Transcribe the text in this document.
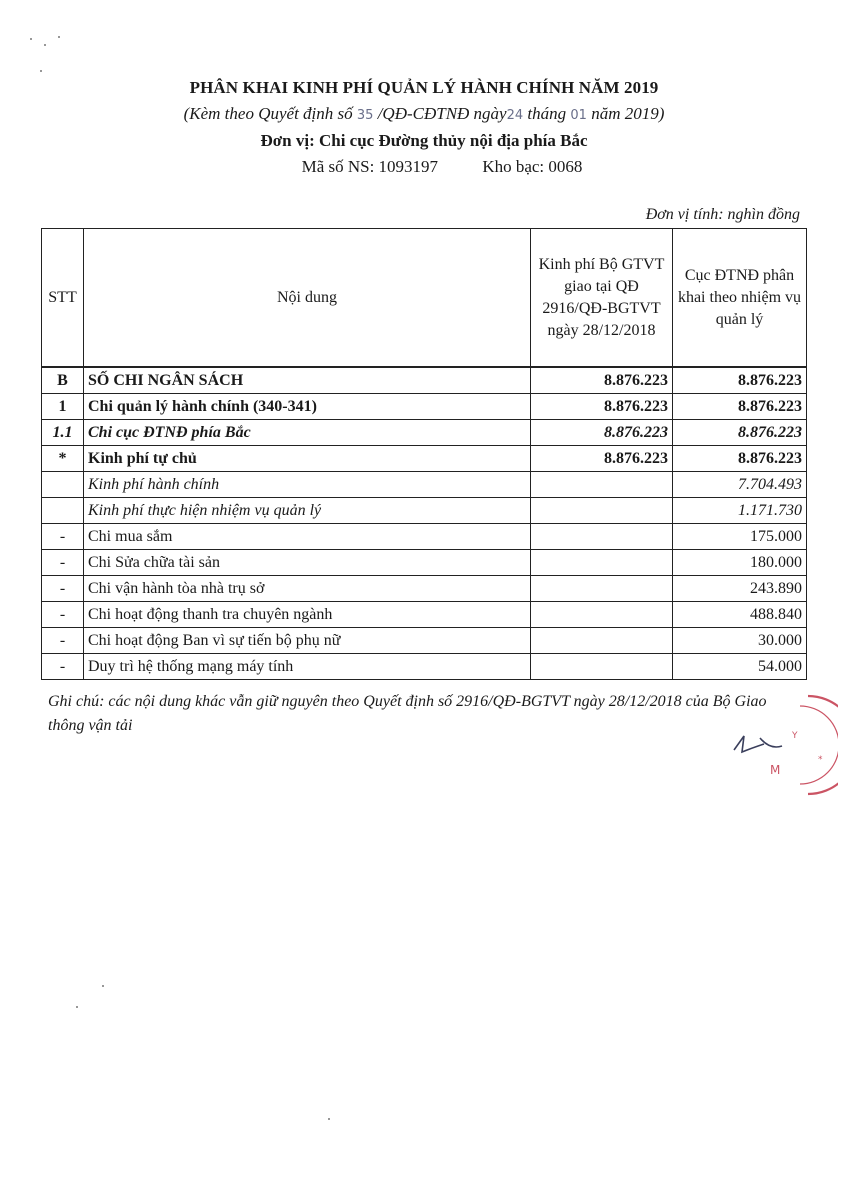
PHÂN KHAI KINH PHÍ QUẢN LÝ HÀNH CHÍNH NĂM 2019
(Kèm theo Quyết định số 35 /QĐ-CĐTNĐ ngày24 tháng 01 năm 2019)
Đơn vị: Chi cục Đường thủy nội địa phía Bắc
Mã số NS: 1093197	Kho bạc: 0068
Đơn vị tính: nghìn đồng
STT	Nội dung	Kinh phí Bộ GTVT giao tại QĐ 2916/QĐ-BGTVT ngày 28/12/2018	Cục ĐTNĐ phân khai theo nhiệm vụ quản lý
B	SỐ CHI NGÂN SÁCH	8.876.223	8.876.223
1	Chi quản lý hành chính (340-341)	8.876.223	8.876.223
1.1	Chi cục ĐTNĐ phía Bắc	8.876.223	8.876.223
*	Kinh phí tự chủ	8.876.223	8.876.223
	Kinh phí hành chính		7.704.493
	Kinh phí thực hiện nhiệm vụ quản lý		1.171.730
-	Chi mua sắm		175.000
-	Chi Sửa chữa tài sản		180.000
-	Chi vận hành tòa nhà trụ sở		243.890
-	Chi hoạt động thanh tra chuyên ngành		488.840
-	Chi hoạt động Ban vì sự tiến bộ phụ nữ		30.000
-	Duy trì hệ thống mạng máy tính		54.000
Ghi chú: các nội dung khác vẫn giữ nguyên theo Quyết định số 2916/QĐ-BGTVT ngày 28/12/2018 của Bộ Giao thông vận tải
M
Y
*
